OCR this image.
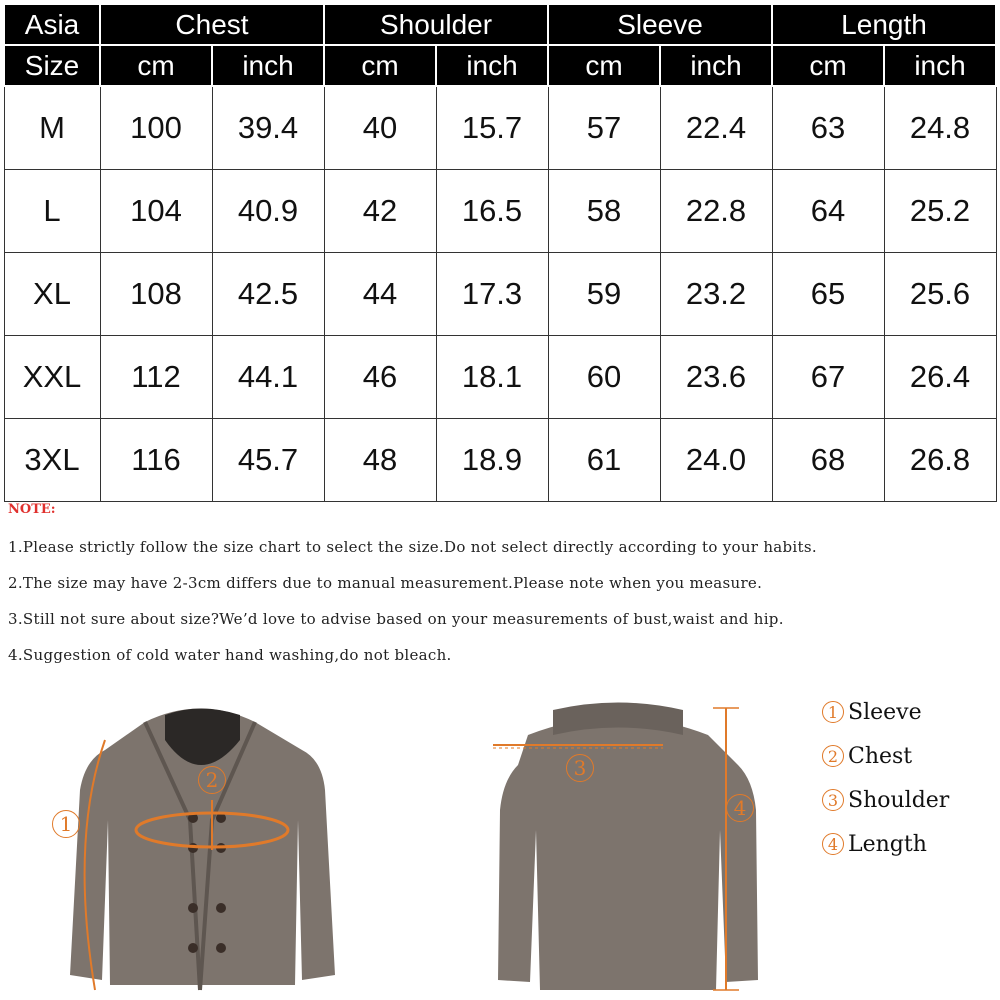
Asia	Chest		Shoulder		Sleeve		Length	
Size	cm	inch	cm	inch	cm	inch	cm	inch
M	100	39.4	40	15.7	57	22.4	63	24.8
L	104	40.9	42	16.5	58	22.8	64	25.2
XL	108	42.5	44	17.3	59	23.2	65	25.6
XXL	112	44.1	46	18.1	60	23.6	67	26.4
3XL	116	45.7	48	18.9	61	24.0	68	26.8
NOTE:
1.Please strictly follow the size chart to select the size.Do not select directly according to your habits.
2.The size may have 2-3cm differs due to manual measurement.Please note when you measure.
3.Still not sure about size?We’d love to advise based on your measurements of bust,waist and hip.
4.Suggestion of cold water hand washing,do not bleach.
1
2	3
4
1 Sleeve
2 Chest
3 Shoulder
4 Length
